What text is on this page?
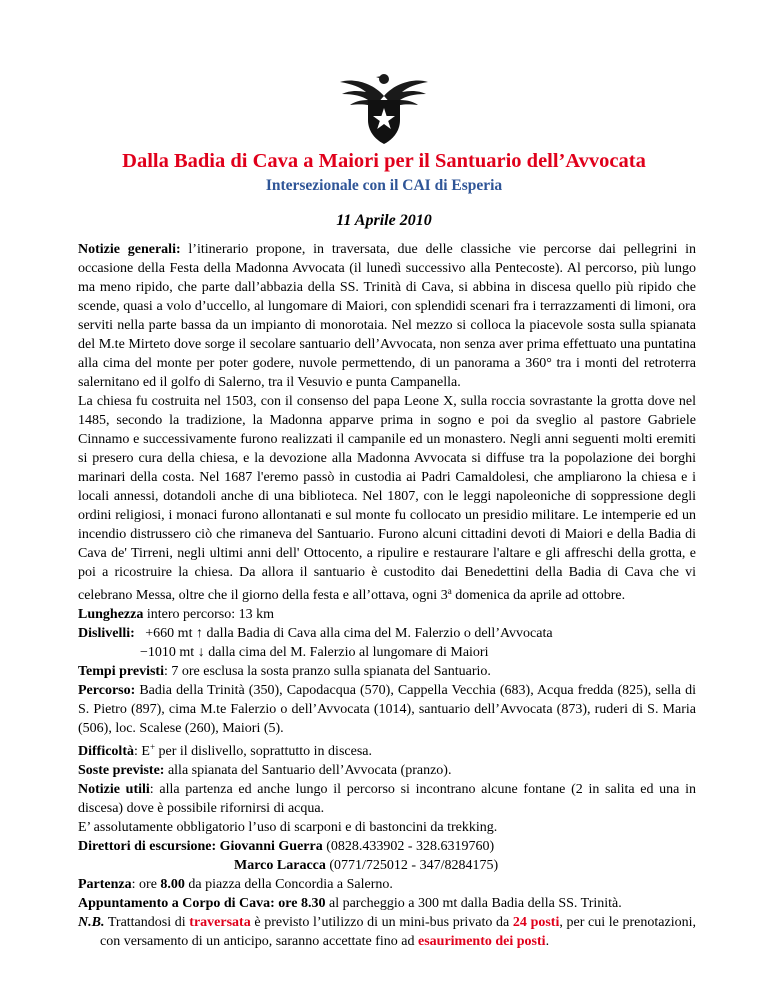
Dalla Badia di Cava a Maiori per il Santuario dell’Avvocata
Intersezionale con il CAI di Esperia
11 Aprile 2010

Notizie generali: l’itinerario propone, in traversata, due delle classiche vie percorse dai pellegrini in occasione della Festa della Madonna Avvocata (il lunedì successivo alla Pentecoste). Al percorso, più lungo ma meno ripido, che parte dall’abbazia della SS. Trinità di Cava, si abbina in discesa quello più ripido che scende, quasi a volo d’uccello, al lungomare di Maiori, con splendidi scenari fra i terrazzamenti di limoni, ora serviti nella parte bassa da un impianto di monorotaia. Nel mezzo si colloca la piacevole sosta sulla spianata del M.te Mirteto dove sorge il secolare santuario dell’Avvocata, non senza aver prima effettuato una puntatina alla cima del monte per poter godere, nuvole permettendo, di un panorama a 360° tra i monti del retroterra salernitano ed il golfo di Salerno, tra il Vesuvio e punta Campanella.

La chiesa fu costruita nel 1503, con il consenso del papa Leone X, sulla roccia sovrastante la grotta dove nel 1485, secondo la tradizione, la Madonna apparve prima in sogno e poi da sveglio al pastore Gabriele Cinnamo e successivamente furono realizzati il campanile ed un monastero. Negli anni seguenti molti eremiti si presero cura della chiesa, e la devozione alla Madonna Avvocata si diffuse tra la popolazione dei borghi marinari della costa. Nel 1687 l'eremo passò in custodia ai Padri Camaldolesi, che ampliarono la chiesa e i locali annessi, dotandoli anche di una biblioteca. Nel 1807, con le leggi napoleoniche di soppressione degli ordini religiosi, i monaci furono allontanati e sul monte fu collocato un presidio militare. Le intemperie ed un incendio distrussero ciò che rimaneva del Santuario. Furono alcuni cittadini devoti di Maiori e della Badia di Cava de' Tirreni, negli ultimi anni dell' Ottocento, a ripulire e restaurare l'altare e gli affreschi della grotta, e poi a ricostruire la chiesa. Da allora il santuario è custodito dai Benedettini della Badia di Cava che vi celebrano Messa, oltre che il giorno della festa e all’ottava, ogni 3$^a$ domenica da aprile ad ottobre.

Lunghezza intero percorso: 13 km

Dislivelli: +660 mt ↑ dalla Badia di Cava alla cima del M. Falerzio o dell’Avvocata

−1010 mt ↓ dalla cima del M. Falerzio al lungomare di Maiori

Tempi previsti: 7 ore esclusa la sosta pranzo sulla spianata del Santuario.

Percorso: Badia della Trinità (350), Capodacqua (570), Cappella Vecchia (683), Acqua fredda (825), sella di S. Pietro (897), cima M.te Falerzio o dell’Avvocata (1014), santuario dell’Avvocata (873), ruderi di S. Maria (506), loc. Scalese (260), Maiori (5).

Difficoltà: E+ per il dislivello, soprattutto in discesa.

Soste previste: alla spianata del Santuario dell’Avvocata (pranzo).

Notizie utili: alla partenza ed anche lungo il percorso si incontrano alcune fontane (2 in salita ed una in discesa) dove è possibile rifornirsi di acqua.

E’ assolutamente obbligatorio l’uso di scarponi e di bastoncini da trekking.

Direttori di escursione: Giovanni Guerra (0828.433902 - 328.6319760)

Marco Laracca (0771/725012 - 347/8284175)

Partenza: ore 8.00 da piazza della Concordia a Salerno.

Appuntamento a Corpo di Cava: ore 8.30 al parcheggio a 300 mt dalla Badia della SS. Trinità.

N.B. Trattandosi di traversata è previsto l’utilizzo di un mini-bus privato da 24 posti, per cui le prenotazioni, con versamento di un anticipo, saranno accettate fino ad esaurimento dei posti.
